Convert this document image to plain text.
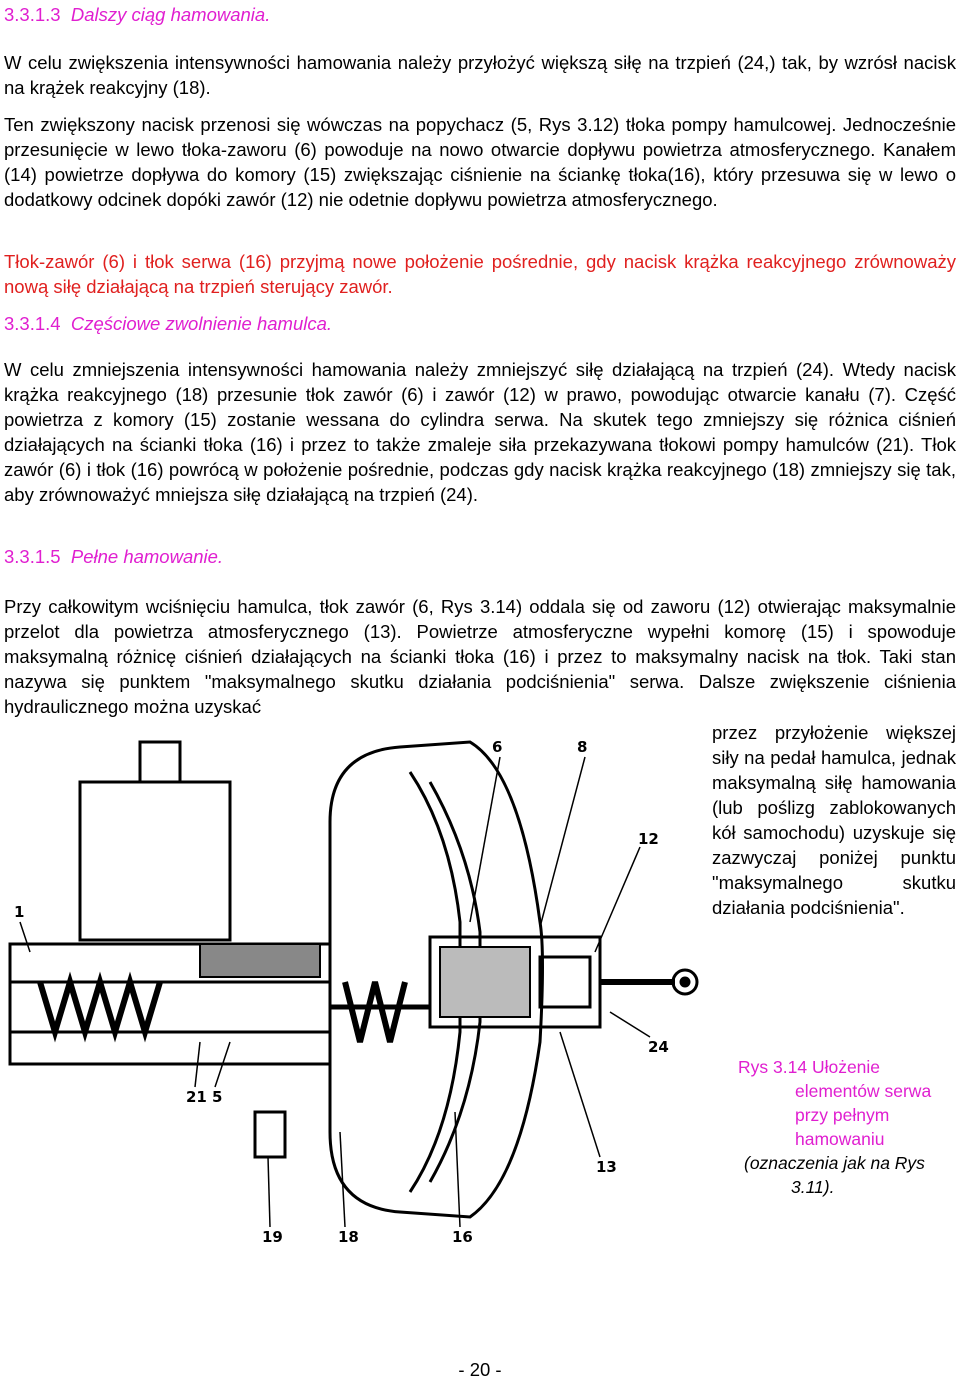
3.3.1.3 Dalszy ciąg hamowania.

W celu zwiększenia intensywności hamowania należy przyłożyć większą siłę na trzpień (24,) tak, by wzrósł nacisk na krążek reakcyjny (18).

Ten zwiększony nacisk przenosi się wówczas na popychacz (5, Rys 3.12) tłoka pompy hamulcowej. Jednocześnie przesunięcie w lewo tłoka-zaworu (6) powoduje na nowo otwarcie dopływu powietrza atmosferycznego. Kanałem (14) powietrze dopływa do komory (15) zwiększając ciśnienie na ściankę tłoka(16), który przesuwa się w lewo o dodatkowy odcinek dopóki zawór (12) nie odetnie dopływu powietrza atmosferycznego.

Tłok-zawór (6) i tłok serwa (16) przyjmą nowe położenie pośrednie, gdy nacisk krążka reakcyjnego zrównoważy nową siłę działającą na trzpień sterujący zawór.

3.3.1.4 Częściowe zwolnienie hamulca.

W celu zmniejszenia intensywności hamowania należy zmniejszyć siłę działającą na trzpień (24). Wtedy nacisk krążka reakcyjnego (18) przesunie tłok zawór (6) i zawór (12) w prawo, powodując otwarcie kanału (7). Część powietrza z komory (15) zostanie wessana do cylindra serwa. Na skutek tego zmniejszy się różnica ciśnień działających na ścianki tłoka (16) i przez to także zmaleje siła przekazywana tłokowi pompy hamulców (21). Tłok zawór (6) i tłok (16) powrócą w położenie pośrednie, podczas gdy nacisk krążka reakcyjnego (18) zmniejszy się tak, aby zrównoważyć mniejsza siłę działającą na trzpień (24).

3.3.1.5 Pełne hamowanie.

Przy całkowitym wciśnięciu hamulca, tłok zawór (6, Rys 3.14) oddala się od zaworu (12) otwierając maksymalnie przelot dla powietrza atmosferycznego (13). Powietrze atmosferyczne wypełni komorę (15) i spowoduje maksymalną różnicę ciśnień działających na ścianki tłoka (16) i przez to maksymalny nacisk na tłok. Taki stan nazywa się punktem "maksymalnego skutku działania podciśnienia" serwa. Dalsze zwiększenie ciśnienia hydraulicznego można uzyskać

przez przyłożenie większej siły na pedał hamulca, jednak maksymalną siłę hamowania (lub poślizg zablokowanych kół samochodu) uzyskuje się zazwyczaj poniżej punktu "maksymalnego skutku działania podciśnienia".

6	8
12
1
24
21 5
13
19	18	16
Rys 3.14 Ułożenie
elementów serwa
przy pełnym
hamowaniu
(oznaczenia jak na Rys
3.11).
- 20 -
